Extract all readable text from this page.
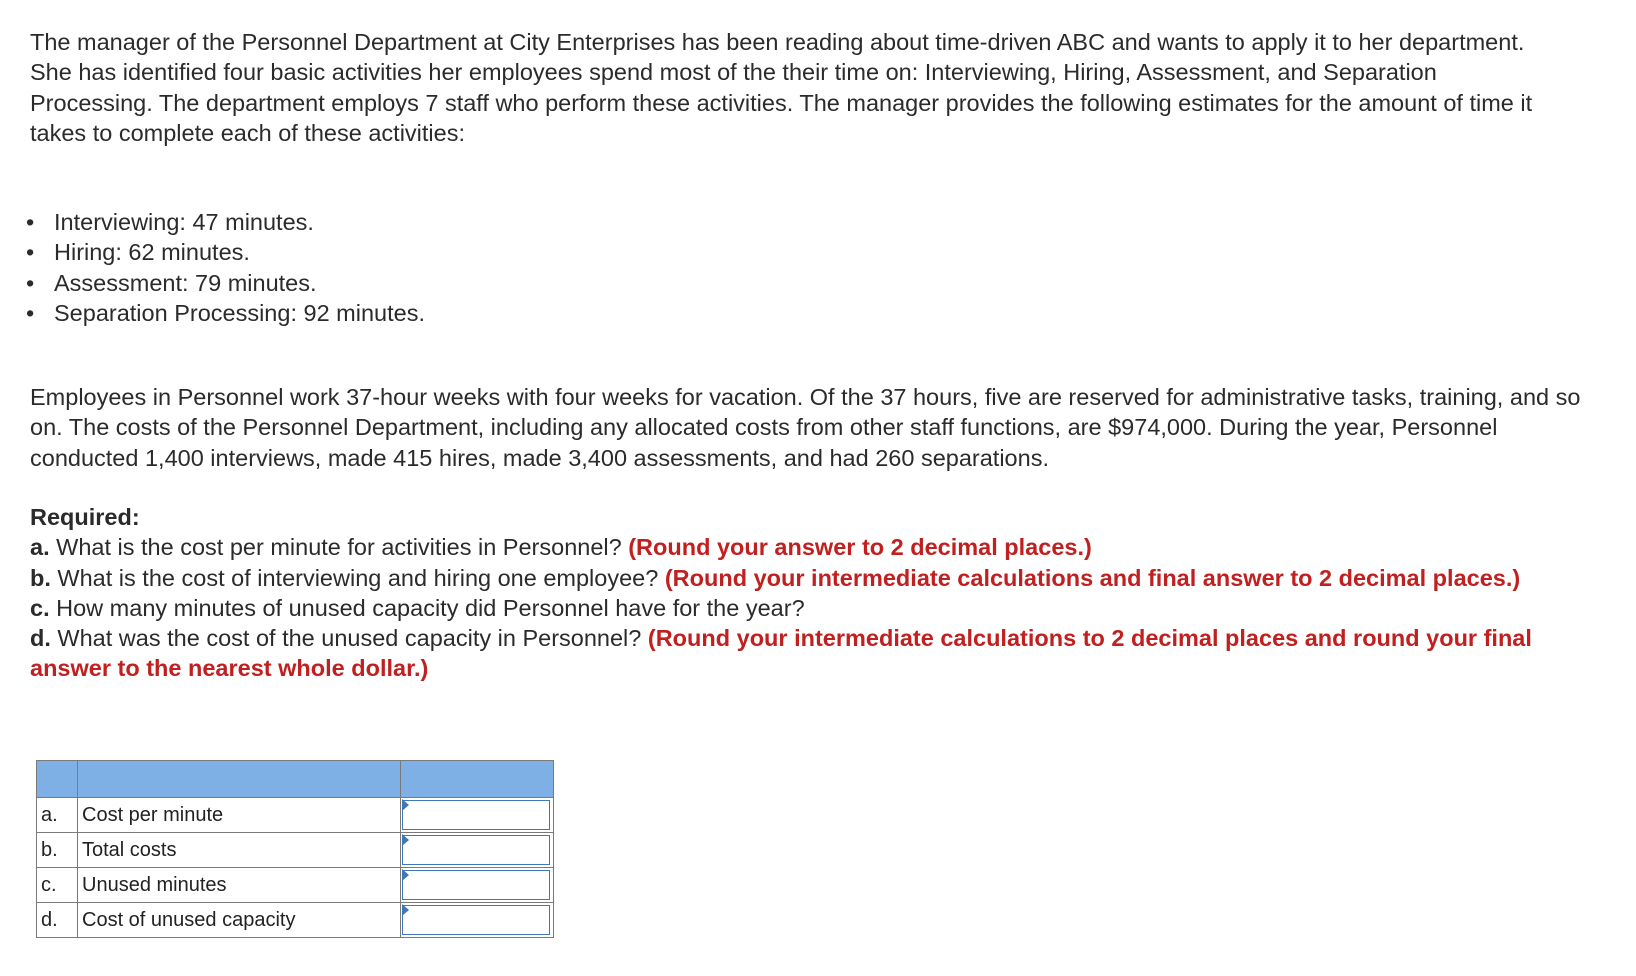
The manager of the Personnel Department at City Enterprises has been reading about time-driven ABC and wants to apply it to her department. She has identified four basic activities her employees spend most of the their time on: Interviewing, Hiring, Assessment, and Separation Processing. The department employs 7 staff who perform these activities. The manager provides the following estimates for the amount of time it takes to complete each of these activities:

• Interviewing: 47 minutes.
• Hiring: 62 minutes.
• Assessment: 79 minutes.
• Separation Processing: 92 minutes.

Employees in Personnel work 37-hour weeks with four weeks for vacation. Of the 37 hours, five are reserved for administrative tasks, training, and so on. The costs of the Personnel Department, including any allocated costs from other staff functions, are $974,000. During the year, Personnel conducted 1,400 interviews, made 415 hires, made 3,400 assessments, and had 260 separations.

Required:
a. What is the cost per minute for activities in Personnel? (Round your answer to 2 decimal places.)
b. What is the cost of interviewing and hiring one employee? (Round your intermediate calculations and final answer to 2 decimal places.)
c. How many minutes of unused capacity did Personnel have for the year?
d. What was the cost of the unused capacity in Personnel? (Round your intermediate calculations to 2 decimal places and round your final answer to the nearest whole dollar.)

a.	Cost per minute	

b.	Total costs	

c.	Unused minutes	

d.	Cost of unused capacity	
